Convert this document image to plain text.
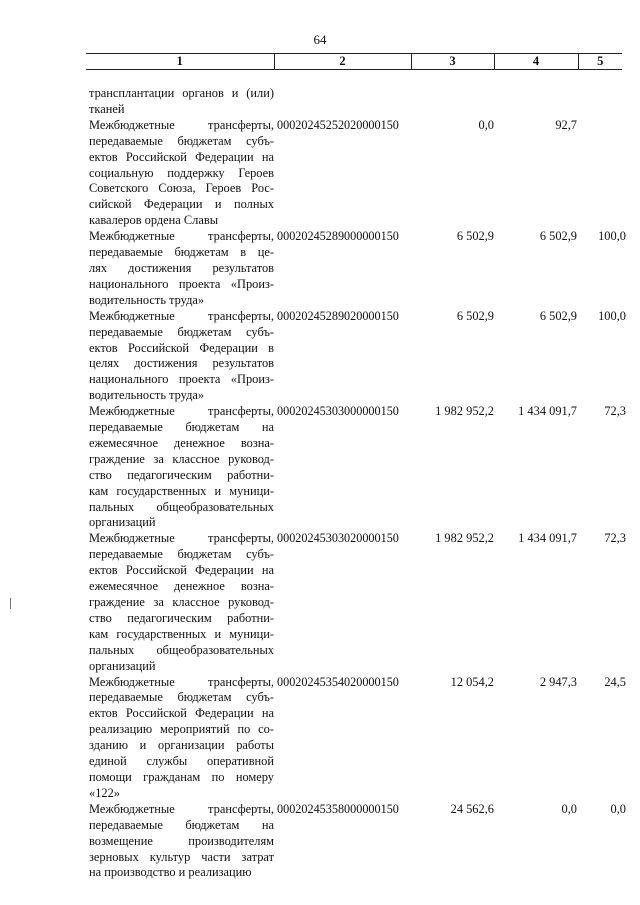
64
1	2	3	4	5
трансплантации органов и (или)
тканей
Межбюджетные трансферты,
передаваемые бюджетам субъ-
ектов Российской Федерации на
социальную поддержку Героев
Советского Союза, Героев Рос-
сийской Федерации и полных
кавалеров ордена Славы
00020245252020000150	0,0	92,7
Межбюджетные трансферты,
передаваемые бюджетам в це-
лях достижения результатов
национального проекта «Произ-
водительность труда»
00020245289000000150	6 502,9	6 502,9	100,0
Межбюджетные трансферты,
передаваемые бюджетам субъ-
ектов Российской Федерации в
целях достижения результатов
национального проекта «Произ-
водительность труда»
00020245289020000150	6 502,9	6 502,9	100,0
Межбюджетные трансферты,
передаваемые бюджетам на
ежемесячное денежное возна-
граждение за классное руковод-
ство педагогическим работни-
кам государственных и муници-
пальных общеобразовательных
организаций
00020245303000000150	1 982 952,2	1 434 091,7	72,3
Межбюджетные трансферты,
передаваемые бюджетам субъ-
ектов Российской Федерации на
ежемесячное денежное возна-
граждение за классное руковод-
ство педагогическим работни-
кам государственных и муници-
пальных общеобразовательных
организаций
00020245303020000150	1 982 952,2	1 434 091,7	72,3
Межбюджетные трансферты,
передаваемые бюджетам субъ-
ектов Российской Федерации на
реализацию мероприятий по со-
зданию и организации работы
единой службы оперативной
помощи гражданам по номеру
«122»
00020245354020000150	12 054,2	2 947,3	24,5
Межбюджетные трансферты,
передаваемые бюджетам на
возмещение производителям
зерновых культур части затрат
на производство и реализацию
00020245358000000150	24 562,6	0,0	0,0
